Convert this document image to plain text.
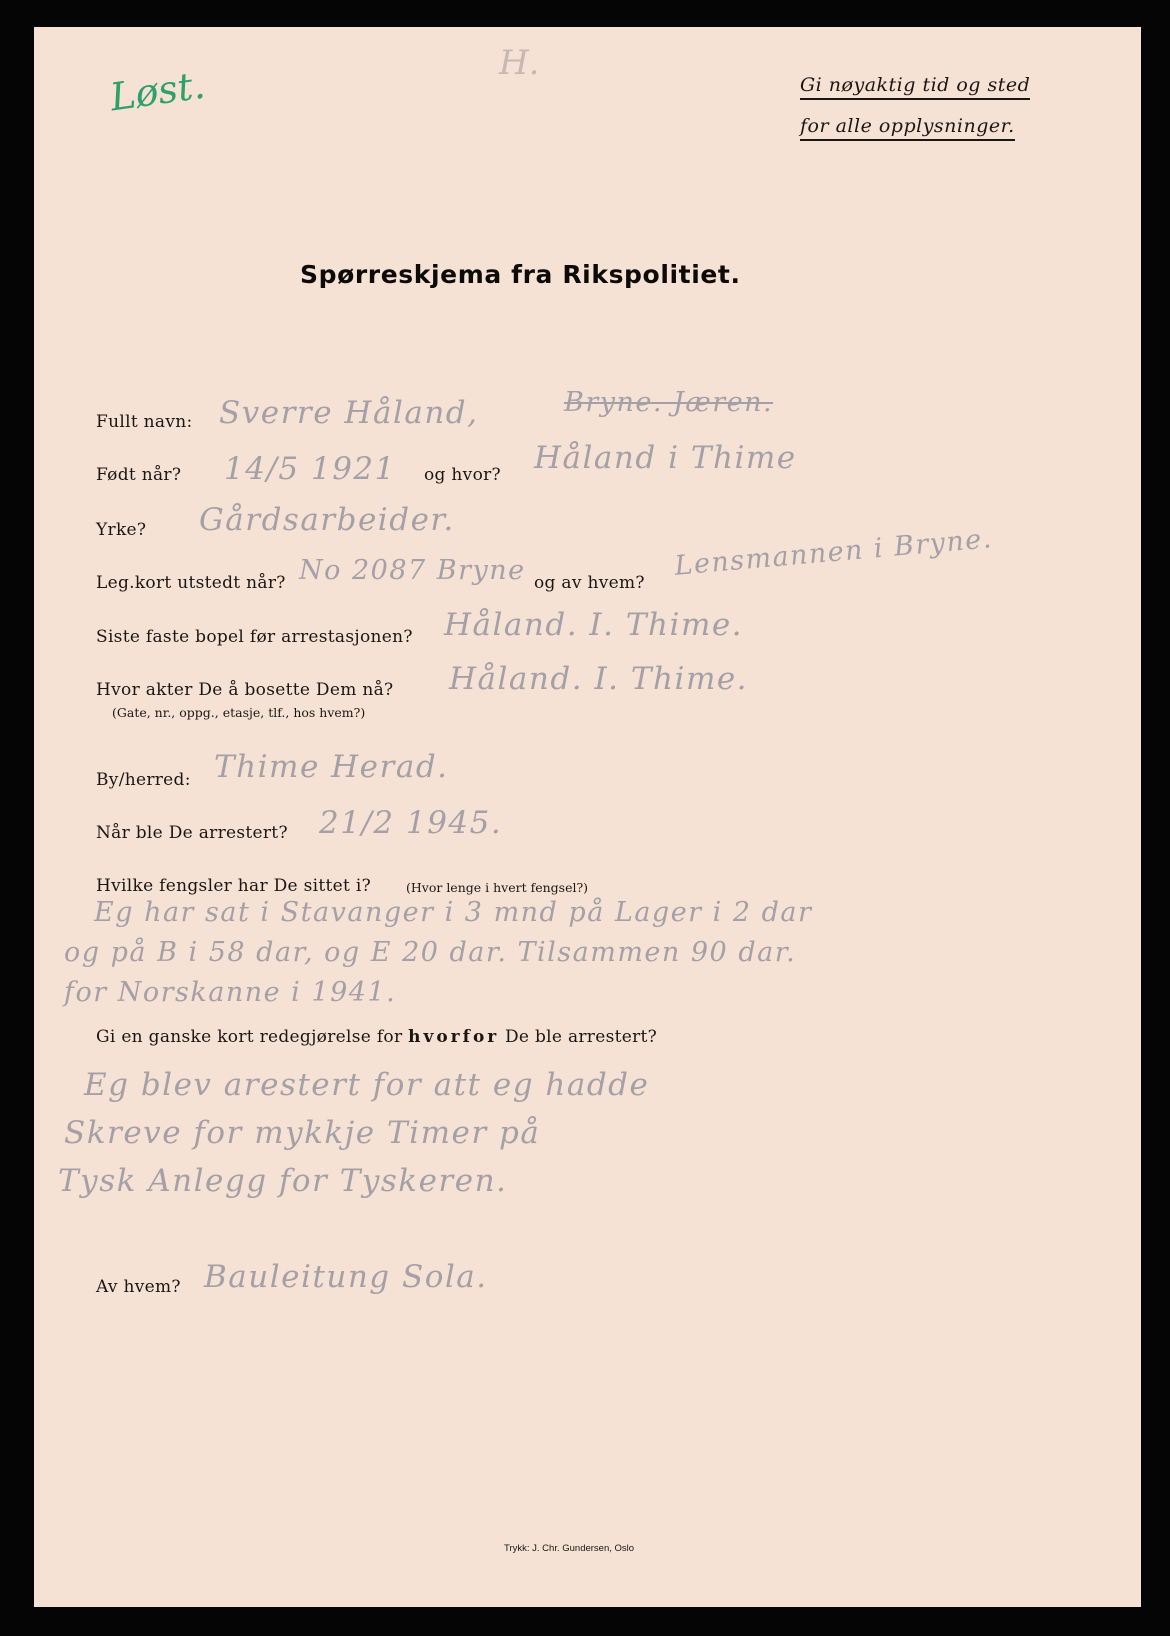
Løst.	H.
Gi nøyaktig tid og sted
for alle opplysninger.
Spørreskjema fra Rikspolitiet.
Fullt navn: Sverre Håland,	Bryne. Jæren.
Født når? 14/5 1921 og hvor? Håland i Thime
Yrke? Gårdsarbeider.
Leg.kort utstedt når? No 2087 Bryne og av hvem?
Lensmannen i Bryne.
Siste faste bopel før arrestasjonen? Håland. I. Thime.
Hvor akter De å bosette Dem nå?
(Gate, nr., oppg., etasje, tlf., hos hvem?)
Håland. I. Thime.
By/herred: Thime Herad.
Når ble De arrestert? 21/2 1945.
Hvilke fengsler har De sittet i?	(Hvor lenge i hvert fengsel?)
Eg har sat i Stavanger i 3 mnd på Lager i 2 dar
og på B i 58 dar, og E 20 dar. Tilsammen 90 dar.
for Norskanne i 1941.
Gi en ganske kort redegjørelse for hvorfor De ble arrestert?
Eg blev arestert for att eg hadde
Skreve for mykkje Timer på
Tysk Anlegg for Tyskeren.
Av hvem? Bauleitung Sola.
Trykk: J. Chr. Gundersen, Oslo
